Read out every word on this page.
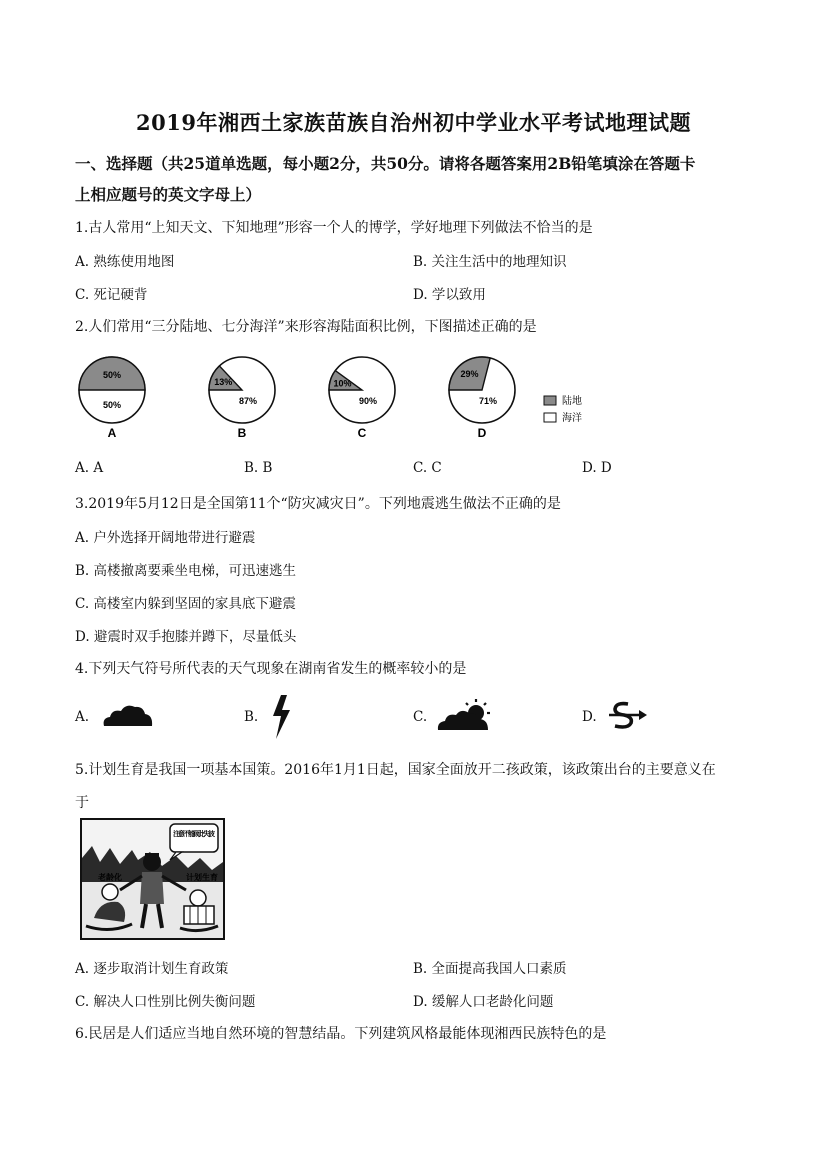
2019年湘西土家族苗族自治州初中学业水平考试地理试题
一、选择题（共25道单选题，每小题2分，共50分。请将各题答案用2B铅笔填涂在答题卡
上相应题号的英文字母上）
1.古人常用“上知天文、下知地理”形容一个人的博学，学好地理下列做法不恰当的是
A. 熟练使用地图	B. 关注生活中的地理知识
C. 死记硬背	D. 学以致用
2.人们常用“三分陆地、七分海洋”来形容海陆面积比例，下图描述正确的是
50%
50%
A
13%
87%
B
10%
90%
C
29%
71%
D
陆地
海洋
A. A	B. B	C. C	D. D
3.2019年5月12日是全国第11个“防灾减灾日”。下列地震逃生做法不正确的是
A. 户外选择开阔地带进行避震
B. 高楼撤离要乘坐电梯，可迅速逃生
C. 高楼室内躲到坚固的家具底下避震
D. 避震时双手抱膝并蹲下，尽量低头
4.下列天气符号所代表的天气现象在湖南省发生的概率较小的是
A.	B.	C.	D.
5.计划生育是我国一项基本国策。2016年1月1日起，国家全面放开二孩政策，该政策出台的主要意义在
于
注意不能顾此失彼
老龄化	计划生育
A. 逐步取消计划生育政策	B. 全面提高我国人口素质
C. 解决人口性别比例失衡问题	D. 缓解人口老龄化问题
6.民居是人们适应当地自然环境的智慧结晶。下列建筑风格最能体现湘西民族特色的是
